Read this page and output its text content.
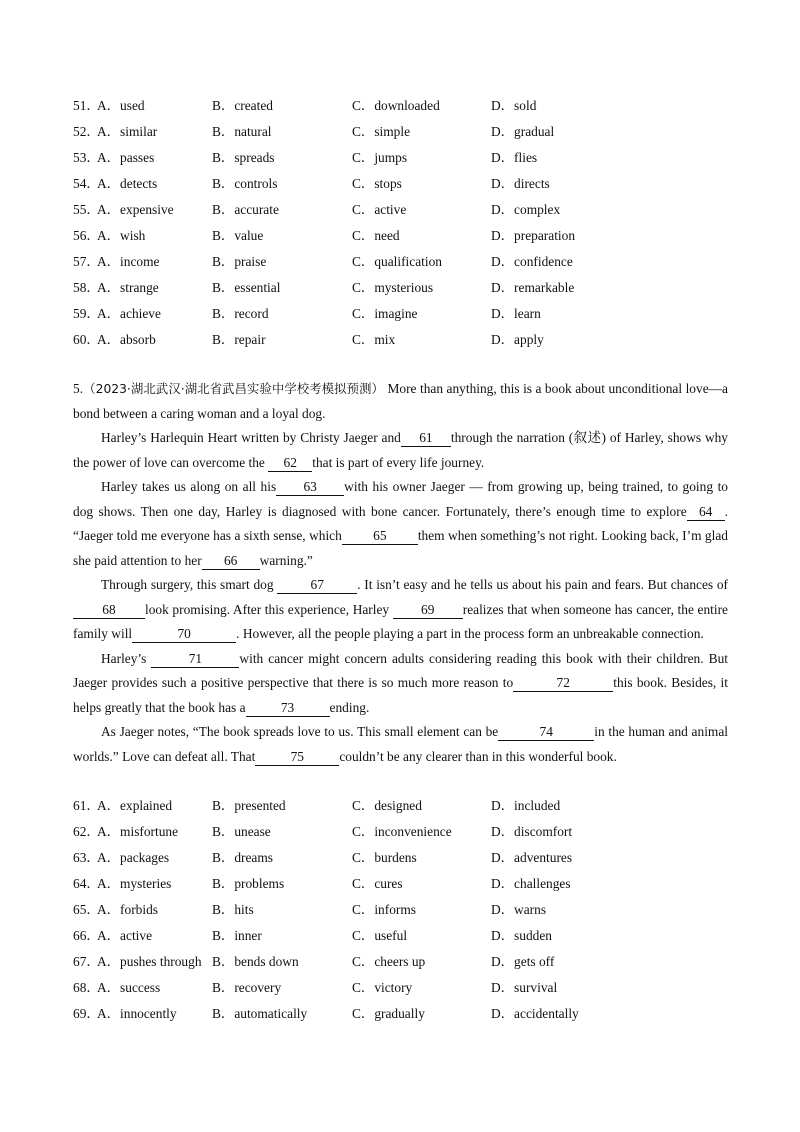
51．
A．used	B．created	C．downloaded	D．sold
52．
A．similar	B．natural	C．simple	D．gradual
53．
A．passes	B．spreads	C．jumps	D．flies
54．
A．detects	B．controls	C．stops	D．directs
55．
A．expensive	B．accurate	C．active	D．complex
56．
A．wish	B．value	C．need	D．preparation
57．
A．income	B．praise	C．qualification	D．confidence
58．
A．strange	B．essential	C．mysterious	D．remarkable
59．
A．achieve	B．record	C．imagine	D．learn
60．
A．absorb	B．repair	C．mix	D．apply

5.（2023·湖北武汉·湖北省武昌实验中学校考模拟预测） More than anything, this is a book about unconditional love—a bond between a caring woman and a loyal dog.

Harley’s Harlequin Heart written by Christy Jaeger and 61 through the narration (叙述) of Harley, shows why the power of love can overcome the 62 that is part of every life journey.

Harley takes us along on all his 63 with his owner Jaeger — from growing up, being trained, to going to dog shows. Then one day, Harley is diagnosed with bone cancer. Fortunately, there’s enough time to explore 64 . “Jaeger told me everyone has a sixth sense, which 65 them when something’s not right. Looking back, I’m glad she paid attention to her 66 warning.”

Through surgery, this smart dog	67 . It isn’t easy and he tells us about his pain and fears. But chances of68 look promising. After this experience, Harley 69 realizes that when someone has cancer, the entire family will	70	. However, all the people playing a part in the process form an unbreakable connection.

Harley’s	71	with cancer might concern adults considering reading this book with their children. But Jaeger provides such a positive perspective that there is so much more reason to	72	this book. Besides, it helps greatly that the book has a	73	ending.

As Jaeger notes, “The book spreads love to us. This small element can be	74	in the human and animal worlds.” Love can defeat all. That	75	couldn’t be any clearer than in this wonderful book.

61．
A．explained	B．presented	C．designed	D．included
62．
A．misfortune	B．unease	C．inconvenience	D．discomfort
63．
A．packages	B．dreams	C．burdens	D．adventures
64．
A．mysteries	B．problems	C．cures	D．challenges
65．
A．forbids	B．hits	C．informs	D．warns
66．
A．active	B．inner	C．useful	D．sudden
67．
A．pushes through B．bends down	C．cheers up	D．gets off
68．
A．success	B．recovery	C．victory	D．survival
69．
A．innocently	B．automatically	C．gradually	D．accidentally
